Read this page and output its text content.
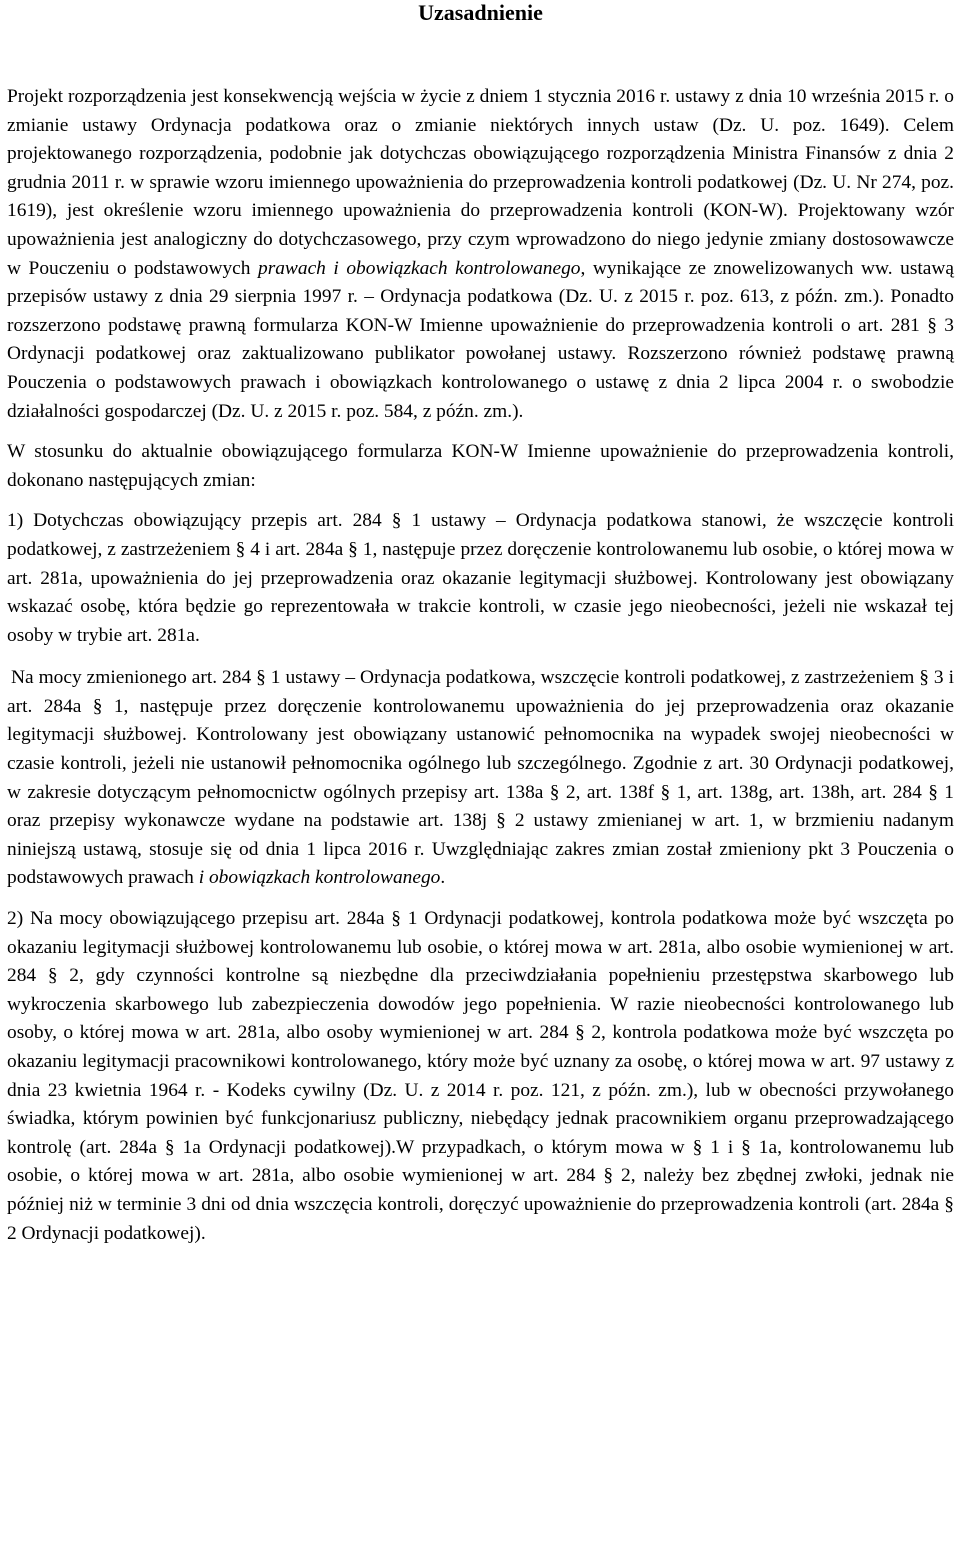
Uzasadnienie

Projekt rozporządzenia jest konsekwencją wejścia w życie z dniem 1 stycznia 2016 r. ustawy z dnia 10 września 2015 r. o zmianie ustawy Ordynacja podatkowa oraz o zmianie niektórych innych ustaw (Dz. U. poz. 1649). Celem projektowanego rozporządzenia, podobnie jak dotychczas obowiązującego rozporządzenia Ministra Finansów z dnia 2 grudnia 2011 r. w sprawie wzoru imiennego upoważnienia do przeprowadzenia kontroli podatkowej (Dz. U. Nr 274, poz. 1619), jest określenie wzoru imiennego upoważnienia do przeprowadzenia kontroli (KON-W). Projektowany wzór upoważnienia jest analogiczny do dotychczasowego, przy czym wprowadzono do niego jedynie zmiany dostosowawcze w Pouczeniu o podstawowych prawach i obowiązkach kontrolowanego, wynikające ze znowelizowanych ww. ustawą przepisów ustawy z dnia 29 sierpnia 1997 r. – Ordynacja podatkowa (Dz. U. z 2015 r. poz. 613, z późn. zm.). Ponadto rozszerzono podstawę prawną formularza KON-W Imienne upoważnienie do przeprowadzenia kontroli o art. 281 § 3 Ordynacji podatkowej oraz zaktualizowano publikator powołanej ustawy. Rozszerzono również podstawę prawną Pouczenia o podstawowych prawach i obowiązkach kontrolowanego o ustawę z dnia 2 lipca 2004 r. o swobodzie działalności gospodarczej (Dz. U. z 2015 r. poz. 584, z późn. zm.).

W stosunku do aktualnie obowiązującego formularza KON-W Imienne upoważnienie do przeprowadzenia kontroli, dokonano następujących zmian:

1) Dotychczas obowiązujący przepis art. 284 § 1 ustawy – Ordynacja podatkowa stanowi, że wszczęcie kontroli podatkowej, z zastrzeżeniem § 4 i art. 284a § 1, następuje przez doręczenie kontrolowanemu lub osobie, o której mowa w art. 281a, upoważnienia do jej przeprowadzenia oraz okazanie legitymacji służbowej. Kontrolowany jest obowiązany wskazać osobę, która będzie go reprezentowała w trakcie kontroli, w czasie jego nieobecności, jeżeli nie wskazał tej osoby w trybie art. 281a.

Na mocy zmienionego art. 284 § 1 ustawy – Ordynacja podatkowa, wszczęcie kontroli podatkowej, z zastrzeżeniem § 3 i art. 284a § 1, następuje przez doręczenie kontrolowanemu upoważnienia do jej przeprowadzenia oraz okazanie legitymacji służbowej. Kontrolowany jest obowiązany ustanowić pełnomocnika na wypadek swojej nieobecności w czasie kontroli, jeżeli nie ustanowił pełnomocnika ogólnego lub szczególnego. Zgodnie z art. 30 Ordynacji podatkowej, w zakresie dotyczącym pełnomocnictw ogólnych przepisy art. 138a § 2, art. 138f § 1, art. 138g, art. 138h, art. 284 § 1 oraz przepisy wykonawcze wydane na podstawie art. 138j § 2 ustawy zmienianej w art. 1, w brzmieniu nadanym niniejszą ustawą, stosuje się od dnia 1 lipca 2016 r. Uwzględniając zakres zmian został zmieniony pkt 3 Pouczenia o podstawowych prawach i obowiązkach kontrolowanego.

2) Na mocy obowiązującego przepisu art. 284a § 1 Ordynacji podatkowej, kontrola podatkowa może być wszczęta po okazaniu legitymacji służbowej kontrolowanemu lub osobie, o której mowa w art. 281a, albo osobie wymienionej w art. 284 § 2, gdy czynności kontrolne są niezbędne dla przeciwdziałania popełnieniu przestępstwa skarbowego lub wykroczenia skarbowego lub zabezpieczenia dowodów jego popełnienia. W razie nieobecności kontrolowanego lub osoby, o której mowa w art. 281a, albo osoby wymienionej w art. 284 § 2, kontrola podatkowa może być wszczęta po okazaniu legitymacji pracownikowi kontrolowanego, który może być uznany za osobę, o której mowa w art. 97 ustawy z dnia 23 kwietnia 1964 r. - Kodeks cywilny (Dz. U. z 2014 r. poz. 121, z późn. zm.), lub w obecności przywołanego świadka, którym powinien być funkcjonariusz publiczny, niebędący jednak pracownikiem organu przeprowadzającego kontrolę (art. 284a § 1a Ordynacji podatkowej).W przypadkach, o którym mowa w § 1 i § 1a, kontrolowanemu lub osobie, o której mowa w art. 281a, albo osobie wymienionej w art. 284 § 2, należy bez zbędnej zwłoki, jednak nie później niż w terminie 3 dni od dnia wszczęcia kontroli, doręczyć upoważnienie do przeprowadzenia kontroli (art. 284a § 2 Ordynacji podatkowej).
